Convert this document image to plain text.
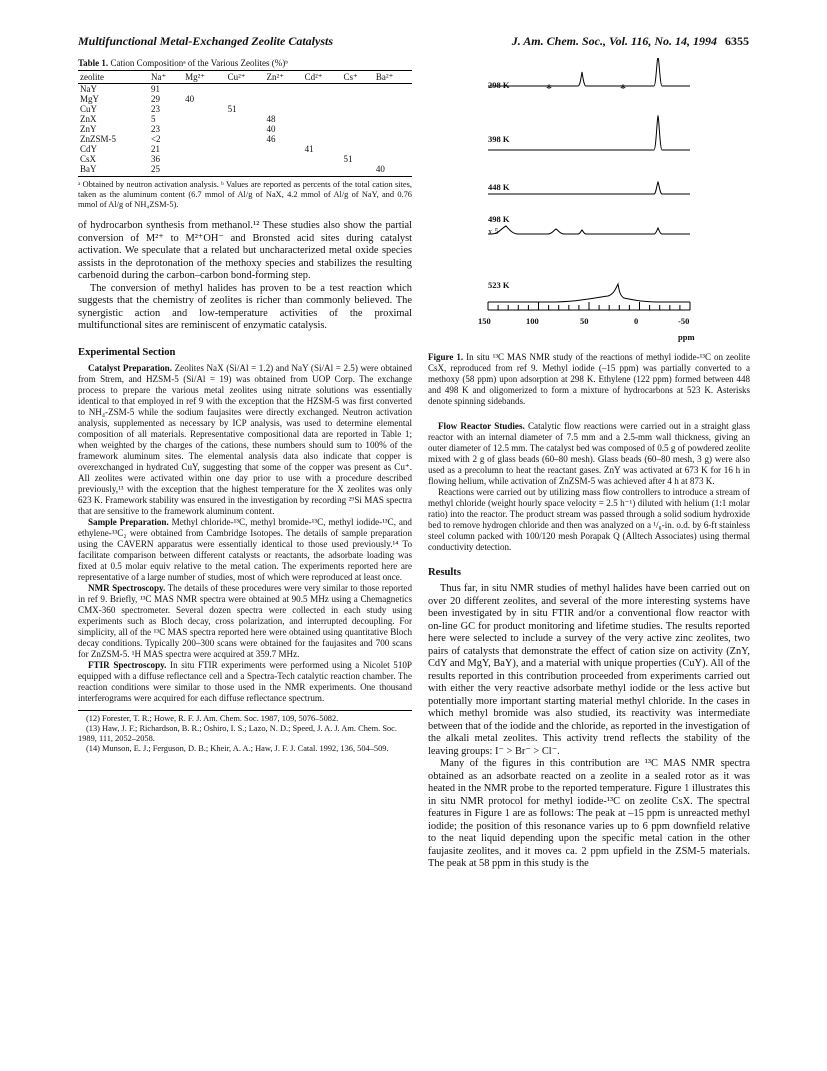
Multifunctional Metal-Exchanged Zeolite Catalysts	J. Am. Chem. Soc., Vol. 116, No. 14, 1994 6355
Table 1. Cation Compositionᵃ of the Various Zeolites (%)ᵇ
zeolite	Na⁺	Mg²⁺	Cu²⁺	Zn²⁺	Cd²⁺	Cs⁺	Ba²⁺
NaY	91						
MgY	29	40					
CuY	23		51				
ZnX	5			48			
ZnY	23			40			
ZnZSM-5	<2			46			
CdY	21				41		
CsX	36					51	
BaY	25						40
ᵃ Obtained by neutron activation analysis. ᵇ Values are reported as percents of the total cation sites, taken as the aluminum content (6.7 mmol of Al/g of NaX, 4.2 mmol of Al/g of NaY, and 0.76 mmol of Al/g of NH₄ZSM-5).

of hydrocarbon synthesis from methanol.¹² These studies also show the partial conversion of M²⁺ to M²⁺OH⁻ and Bronsted acid sites during catalyst activation. We speculate that a related but uncharacterized metal oxide species assists in the deprotonation of the methoxy species and stabilizes the resulting carbenoid during the carbon–carbon bond-forming step.

The conversion of methyl halides has proven to be a test reaction which suggests that the chemistry of zeolites is richer than commonly believed. The synergistic action and low-temperature activities of the proximal multifunctional sites are reminiscent of enzymatic catalysis.

Experimental Section

Catalyst Preparation. Zeolites NaX (Si/Al = 1.2) and NaY (Si/Al = 2.5) were obtained from Strem, and HZSM-5 (Si/Al = 19) was obtained from UOP Corp. The exchange process to prepare the various metal zeolites using nitrate solutions was essentially identical to that employed in ref 9 with the exception that the HZSM-5 was first converted to NH₄-ZSM-5 while the sodium faujasites were directly exchanged. Neutron activation analysis, supplemented as necessary by ICP analysis, was used to determine elemental composition of all materials. Representative compositional data are reported in Table 1; when weighted by the charges of the cations, these numbers should sum to 100% of the framework aluminum sites. The elemental analysis data also indicate that copper is overexchanged in hydrated CuY, suggesting that some of the copper was present as Cu⁺. All zeolites were activated within one day prior to use with a procedure described previously,¹³ with the exception that the highest temperature for the X zeolites was only 623 K. Framework stability was ensured in the investigation by recording ²⁹Si MAS spectra that are sensitive to the framework aluminum content.

Sample Preparation. Methyl chloride-¹³C, methyl bromide-¹³C, methyl iodide-¹³C, and ethylene-¹³C₂ were obtained from Cambridge Isotopes. The details of sample preparation using the CAVERN apparatus were essentially identical to those used previously.¹⁴ To facilitate comparison between different catalysts or reactants, the adsorbate loading was fixed at 0.5 molar equiv relative to the metal cation. The experiments reported here are representative of a large number of studies, most of which were reproduced at least once.

NMR Spectroscopy. The details of these procedures were very similar to those reported in ref 9. Briefly, ¹³C MAS NMR spectra were obtained at 90.5 MHz using a Chemagnetics CMX-360 spectrometer. Several dozen spectra were collected in each study using experiments such as Bloch decay, cross polarization, and interrupted decoupling. For simplicity, all of the ¹³C MAS spectra reported here were obtained using quantitative Bloch decay conditions. Typically 200–300 scans were obtained for the faujasites and 700 scans for ZnZSM-5. ¹H MAS spectra were acquired at 359.7 MHz.

FTIR Spectroscopy. In situ FTIR experiments were performed using a Nicolet 510P equipped with a diffuse reflectance cell and a Spectra-Tech catalytic reaction chamber. The reaction conditions were similar to those used in the NMR experiments. One thousand interferograms were acquired for each diffuse reflectance spectrum.

(12) Forester, T. R.; Howe, R. F. J. Am. Chem. Soc. 1987, 109, 5076–5082.

(13) Haw, J. F.; Richardson, B. R.; Oshiro, I. S.; Lazo, N. D.; Speed, J. A. J. Am. Chem. Soc. 1989, 111, 2052–2058.

(14) Munson, E. J.; Ferguson, D. B.; Kheir, A. A.; Haw, J. F. J. Catal. 1992, 136, 504–509.

298 K	*	*
398 K
448 K
498 K
x 5
523 K
150	100	50	0	-50
ppm
Figure 1. In situ ¹³C MAS NMR study of the reactions of methyl iodide-¹³C on zeolite CsX, reproduced from ref 9. Methyl iodide (–15 ppm) was partially converted to a methoxy (58 ppm) upon adsorption at 298 K. Ethylene (122 ppm) formed between 448 and 498 K and oligomerized to form a mixture of hydrocarbons at 523 K. Asterisks denote spinning sidebands.

Flow Reactor Studies. Catalytic flow reactions were carried out in a straight glass reactor with an internal diameter of 7.5 mm and a 2.5-mm wall thickness, giving an outer diameter of 12.5 mm. The catalyst bed was composed of 0.5 g of powdered zeolite mixed with 2 g of glass beads (60–80 mesh). Glass beads (60–80 mesh, 3 g) were also used as a precolumn to heat the reactant gases. ZnY was activated at 673 K for 16 h in flowing helium, while activation of ZnZSM-5 was achieved after 4 h at 873 K.

Reactions were carried out by utilizing mass flow controllers to introduce a stream of methyl chloride (weight hourly space velocity = 2.5 h⁻¹) diluted with helium (1:1 molar ratio) into the reactor. The product stream was passed through a solid sodium hydroxide bed to remove hydrogen chloride and then was analyzed on a ¹/₈-in. o.d. by 6-ft stainless steel column packed with 100/120 mesh Porapak Q (Alltech Associates) using thermal conductivity detection.

Results

Thus far, in situ NMR studies of methyl halides have been carried out on over 20 different zeolites, and several of the more interesting systems have been investigated by in situ FTIR and/or a conventional flow reactor with on-line GC for product monitoring and lifetime studies. The results reported here were selected to include a survey of the very active zinc zeolites, two pairs of catalysts that demonstrate the effect of cation size on activity (ZnY, CdY and MgY, BaY), and a material with unique properties (CuY). All of the results reported in this contribution proceeded from experiments carried out with either the very reactive adsorbate methyl iodide or the less active but potentially more important starting material methyl chloride. In the cases in which methyl bromide was also studied, its reactivity was intermediate between that of the iodide and the chloride, as reported in the investigation of the alkali metal zeolites. This activity trend reflects the stability of the leaving groups: I⁻ > Br⁻ > Cl⁻.

Many of the figures in this contribution are ¹³C MAS NMR spectra obtained as an adsorbate reacted on a zeolite in a sealed rotor as it was heated in the NMR probe to the reported temperature. Figure 1 illustrates this in situ NMR protocol for methyl iodide-¹³C on zeolite CsX. The spectral features in Figure 1 are as follows: The peak at –15 ppm is unreacted methyl iodide; the position of this resonance varies up to 6 ppm downfield relative to the neat liquid depending upon the specific metal cation in the other faujasite zeolites, and it moves ca. 2 ppm upfield in the ZSM-5 materials. The peak at 58 ppm in this study is the
